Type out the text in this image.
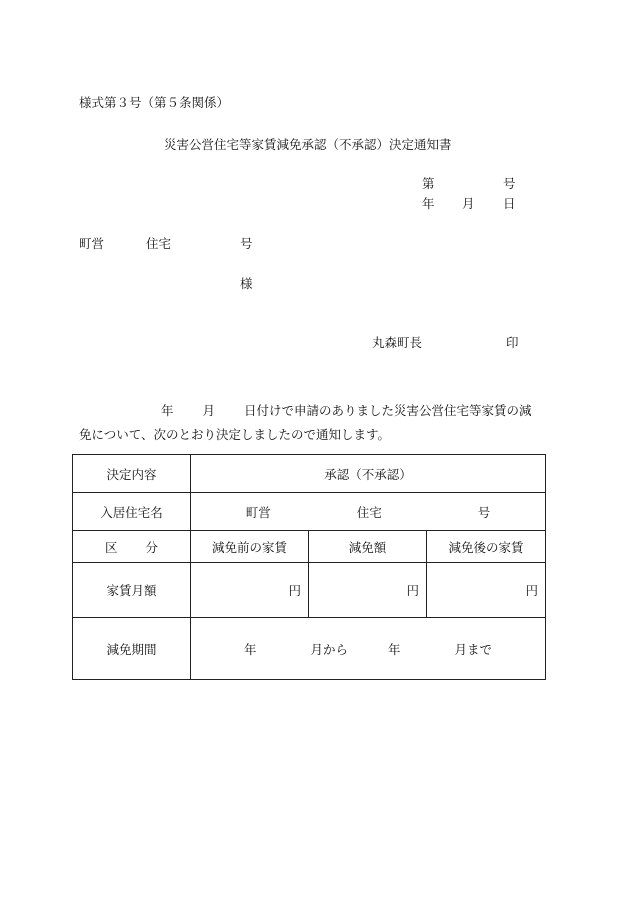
様式第３号（第５条関係）
災害公営住宅等家賃減免承認（不承認）決定通知書
第	号
年 月 日
町営	住宅	号
様
丸森町長	印
年 月 日付けで申請のありました災害公営住宅等家賃の減
免について、次のとおり決定しましたので通知します。
決定内容	承認（不承認）		
入居住宅名	町営 住宅 号		
区 分	減免前の家賃	減免額	減免後の家賃
家賃月額	円	円	円
減免期間	年 月から 年 月まで		
